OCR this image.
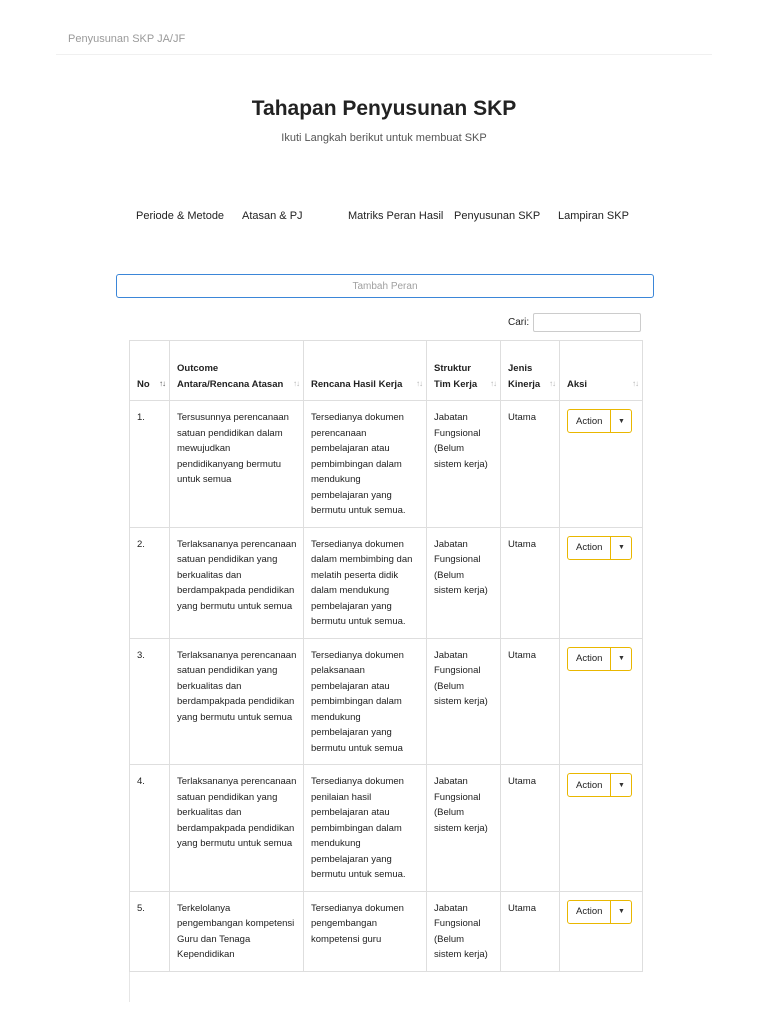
Penyusunan SKP JA/JF
Tahapan Penyusunan SKP
Ikuti Langkah berikut untuk membuat SKP
Periode & Metode Atasan & PJ	Matriks Peran Hasil Penyusunan SKP Lampiran SKP
Tambah Peran
Cari:
No ↑↓	Outcome Antara/Rencana Atasan ↑↓	Rencana Hasil Kerja ↑↓	Struktur Tim Kerja ↑↓	Jenis Kinerja ↑↓	Aksi ↑↓

1.	Tersusunnya perencanaan satuan pendidikan dalam mewujudkan pendidikanyang bermutu untuk semua	Tersedianya dokumen perencanaan pembelajaran atau pembimbingan dalam mendukung pembelajaran yang bermutu untuk semua.	Jabatan Fungsional (Belum sistem kerja)	Utama	Action ▼

2.	Terlaksananya perencanaan satuan pendidikan yang berkualitas dan berdampakpada pendidikan yang bermutu untuk semua	Tersedianya dokumen dalam membimbing dan melatih peserta didik dalam mendukung pembelajaran yang bermutu untuk semua.	Jabatan Fungsional (Belum sistem kerja)	Utama	Action ▼

3.	Terlaksananya perencanaan satuan pendidikan yang berkualitas dan berdampakpada pendidikan yang bermutu untuk semua	Tersedianya dokumen pelaksanaan pembelajaran atau pembimbingan dalam mendukung pembelajaran yang bermutu untuk semua	Jabatan Fungsional (Belum sistem kerja)	Utama	Action ▼

4.	Terlaksananya perencanaan satuan pendidikan yang berkualitas dan berdampakpada pendidikan yang bermutu untuk semua	Tersedianya dokumen penilaian hasil pembelajaran atau pembimbingan dalam mendukung pembelajaran yang bermutu untuk semua.	Jabatan Fungsional (Belum sistem kerja)	Utama	Action ▼

5.	Terkelolanya pengembangan kompetensi Guru dan Tenaga Kependidikan	Tersedianya dokumen pengembangan kompetensi guru	Jabatan Fungsional (Belum sistem kerja)	Utama	Action ▼
